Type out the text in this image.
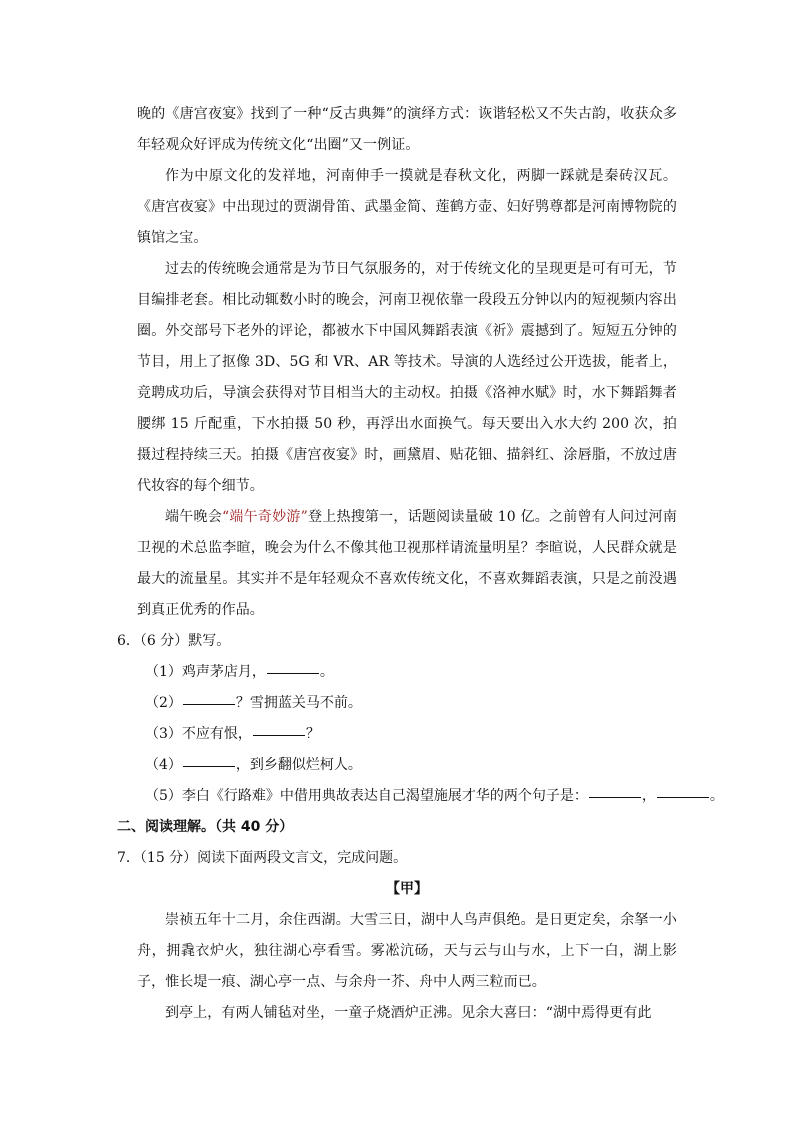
晚的《唐宫夜宴》找到了一种“反古典舞”的演绎方式：诙谐轻松又不失古韵，收获众多年轻观众好评成为传统文化“出圈”又一例证。

作为中原文化的发祥地，河南伸手一摸就是春秋文化，两脚一踩就是秦砖汉瓦。《唐宫夜宴》中出现过的贾湖骨笛、武墨金简、莲鹤方壶、妇好鸮尊都是河南博物院的镇馆之宝。

过去的传统晚会通常是为节日气氛服务的，对于传统文化的呈现更是可有可无，节目编排老套。相比动辄数小时的晚会，河南卫视依靠一段段五分钟以内的短视频内容出圈。外交部号下老外的评论，都被水下中国风舞蹈表演《祈》震撼到了。短短五分钟的节目，用上了抠像 3D、5G 和 VR、AR 等技术。导演的人选经过公开选拔，能者上，竞聘成功后，导演会获得对节目相当大的主动权。拍摄《洛神水赋》时，水下舞蹈舞者腰绑 15 斤配重，下水拍摄 50 秒，再浮出水面换气。每天要出入水大约 200 次，拍摄过程持续三天。拍摄《唐宫夜宴》时，画黛眉、贴花钿、描斜红、涂唇脂，不放过唐代妆容的每个细节。

端午晚会“端午奇妙游”登上热搜第一，话题阅读量破 10 亿。之前曾有人问过河南卫视的术总监李暄，晚会为什么不像其他卫视那样请流量明星？李暄说，人民群众就是最大的流量星。其实并不是年轻观众不喜欢传统文化，不喜欢舞蹈表演，只是之前没遇到真正优秀的作品。

6．（6 分）默写。

（1）鸡声茅店月，	。

（2）	？雪拥蓝关马不前。

（3）不应有恨，	？

（4）	，到乡翻似烂柯人。

（5）李白《行路难》中借用典故表达自己渴望施展才华的两个句子是：	，	。

二、阅读理解。（共 40 分）

7．（15 分）阅读下面两段文言文，完成问题。

【甲】

崇祯五年十二月，余住西湖。大雪三日，湖中人鸟声俱绝。是日更定矣，余拏一小舟，拥毳衣炉火，独往湖心亭看雪。雾凇沆砀，天与云与山与水，上下一白，湖上影子，惟长堤一痕、湖心亭一点、与余舟一芥、舟中人两三粒而已。

到亭上，有两人铺毡对坐，一童子烧酒炉正沸。见余大喜曰：“湖中焉得更有此
